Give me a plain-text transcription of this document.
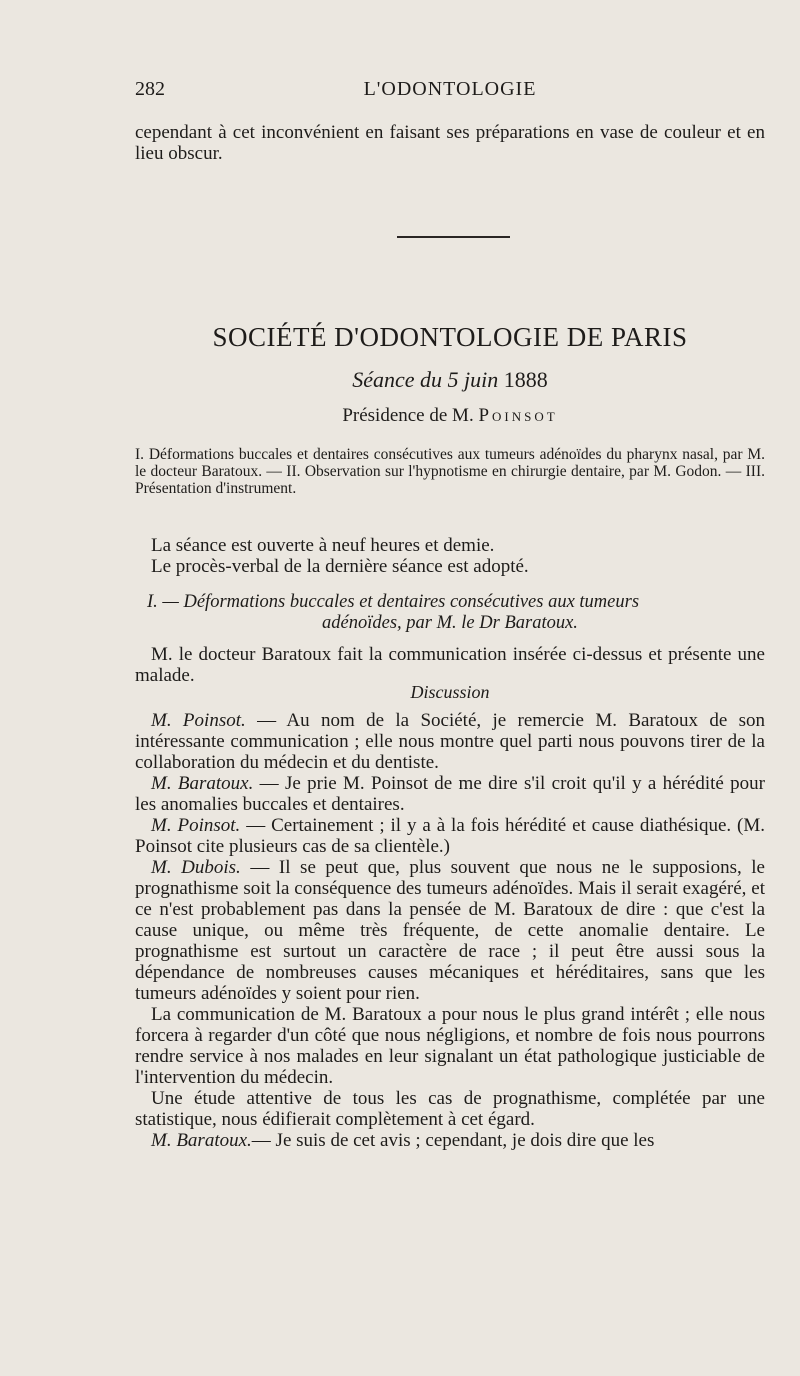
282	L'ODONTOLOGIE

cependant à cet inconvénient en faisant ses préparations en vase de couleur et en lieu obscur.

SOCIÉTÉ D'ODONTOLOGIE DE PARIS
Séance du 5 juin 1888
Présidence de M. Poinsot

I. Déformations buccales et dentaires consécutives aux tumeurs adénoïdes du pharynx nasal, par M. le docteur Baratoux. — II. Observation sur l'hypnotisme en chirurgie dentaire, par M. Godon. — III. Présentation d'instrument.

La séance est ouverte à neuf heures et demie.

Le procès-verbal de la dernière séance est adopté.

I. — Déformations buccales et dentaires consécutives aux tumeurs

adénoïdes, par M. le Dr Baratoux.

M. le docteur Baratoux fait la communication insérée ci-dessus et présente une malade.

Discussion

M. Poinsot. — Au nom de la Société, je remercie M. Baratoux de son intéressante communication ; elle nous montre quel parti nous pouvons tirer de la collaboration du médecin et du dentiste.

M. Baratoux. — Je prie M. Poinsot de me dire s'il croit qu'il y a hérédité pour les anomalies buccales et dentaires.

M. Poinsot. — Certainement ; il y a à la fois hérédité et cause diathésique. (M. Poinsot cite plusieurs cas de sa clientèle.)

M. Dubois. — Il se peut que, plus souvent que nous ne le supposions, le prognathisme soit la conséquence des tumeurs adénoïdes. Mais il serait exagéré, et ce n'est probablement pas dans la pensée de M. Baratoux de dire : que c'est la cause unique, ou même très fréquente, de cette anomalie dentaire. Le prognathisme est surtout un caractère de race ; il peut être aussi sous la dépendance de nombreuses causes mécaniques et héréditaires, sans que les tumeurs adénoïdes y soient pour rien.

La communication de M. Baratoux a pour nous le plus grand intérêt ; elle nous forcera à regarder d'un côté que nous négligions, et nombre de fois nous pourrons rendre service à nos malades en leur signalant un état pathologique justiciable de l'intervention du médecin.

Une étude attentive de tous les cas de prognathisme, complétée par une statistique, nous édifierait complètement à cet égard.

M. Baratoux.— Je suis de cet avis ; cependant, je dois dire que les
